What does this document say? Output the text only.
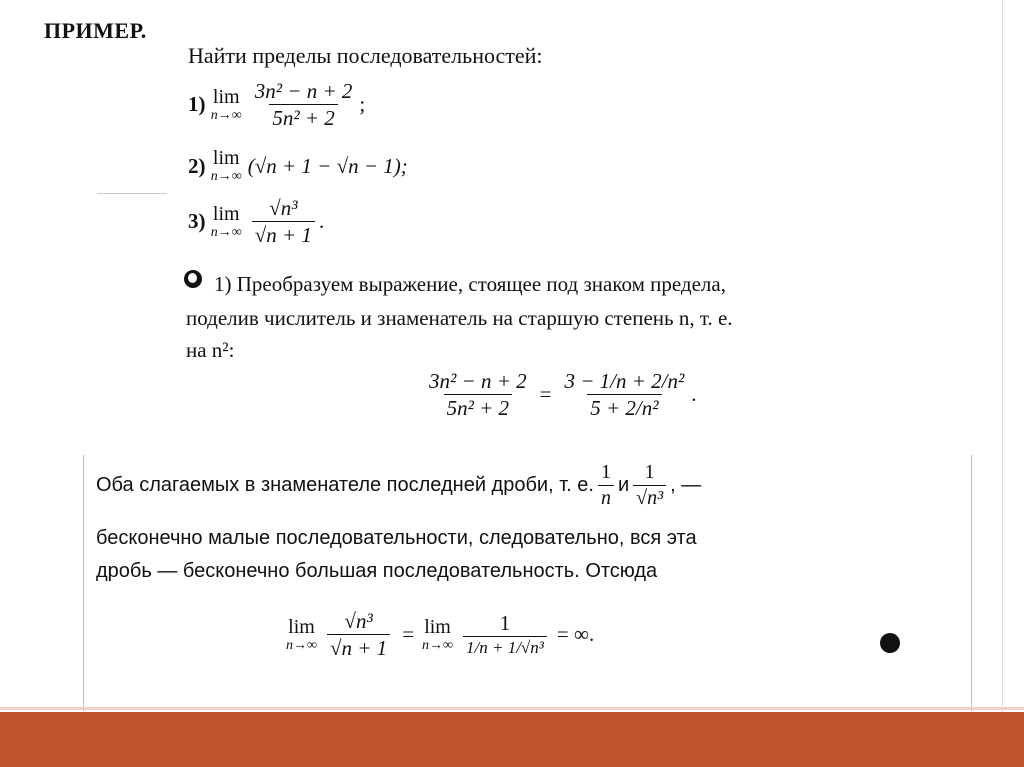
ПРИМЕР.
Найти пределы последовательностей:
1)
lim
$n\to\infty \frac{\text{3n² − n + 2}}{\text{5n² + 2}}$ ;
2)
lim
n→∞ (√n + 1 − √n − 1);
3)
lim
$n\to\infty \frac{\text{√n³}}{√n + 1}$ .
1) Преобразуем выражение, стоящее под знаком предела,
поделив числитель и знаменатель на старшую степень n, т. е.
на n²:
$\frac{\text{3n² − n + 2}}{\text{5n² + 2}} = \frac{\text{3 − 1/n + 2/n²}}{\text{5 + 2/n²}}$ .
Оба слагаемых в знаменателе последней дроби, т. е. $\frac{1}{n}$ и $\frac{1}{\text{√n³}}$ , —
бесконечно малые последовательности, следовательно, вся эта
дробь — бесконечно большая последовательность. Отсюда
lim
$n\to\infty \frac{\text{√n³}}{√n + 1} = \lim$
$n\to\infty \frac{1}{\text{1/n + 1/√n³}}$ = ∞.
